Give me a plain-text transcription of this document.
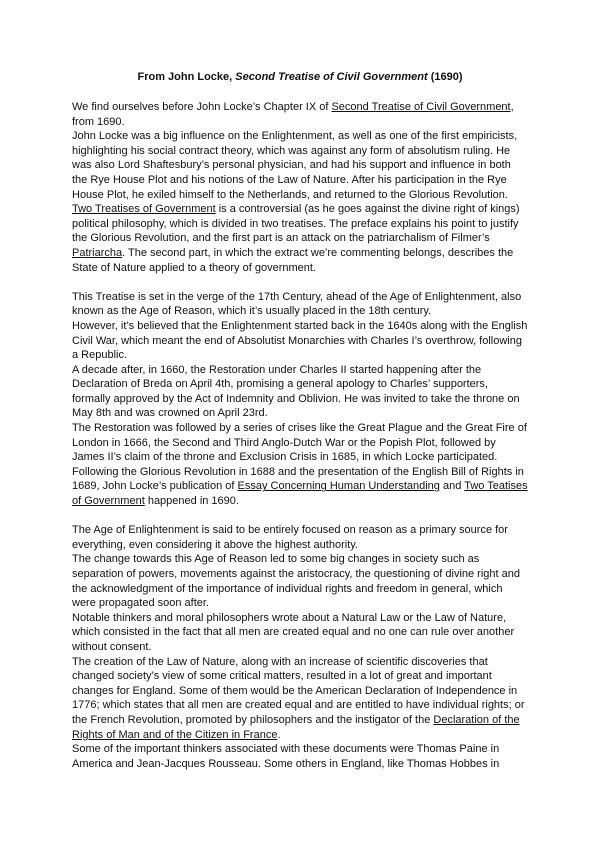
From John Locke, Second Treatise of Civil Government (1690)

We find ourselves before John Locke’s Chapter IX of Second Treatise of Civil Government, from 1690.

John Locke was a big influence on the Enlightenment, as well as one of the first empiricists, highlighting his social contract theory, which was against any form of absolutism ruling. He was also Lord Shaftesbury’s personal physician, and had his support and influence in both the Rye House Plot and his notions of the Law of Nature. After his participation in the Rye House Plot, he exiled himself to the Netherlands, and returned to the Glorious Revolution.

Two Treatises of Government is a controversial (as he goes against the divine right of kings) political philosophy, which is divided in two treatises. The preface explains his point to justify the Glorious Revolution, and the first part is an attack on the patriarchalism of Filmer’s Patriarcha. The second part, in which the extract we’re commenting belongs, describes the State of Nature applied to a theory of government.

This Treatise is set in the verge of the 17th Century, ahead of the Age of Enlightenment, also known as the Age of Reason, which it’s usually placed in the 18th century.

However, it’s believed that the Enlightenment started back in the 1640s along with the English Civil War, which meant the end of Absolutist Monarchies with Charles I’s overthrow, following a Republic.

A decade after, in 1660, the Restoration under Charles II started happening after the Declaration of Breda on April 4th, promising a general apology to Charles’ supporters, formally approved by the Act of Indemnity and Oblivion. He was invited to take the throne on May 8th and was crowned on April 23rd.

The Restoration was followed by a series of crises like the Great Plague and the Great Fire of London in 1666, the Second and Third Anglo-Dutch War or the Popish Plot, followed by James II’s claim of the throne and Exclusion Crisis in 1685, in which Locke participated.

Following the Glorious Revolution in 1688 and the presentation of the English Bill of Rights in 1689, John Locke’s publication of Essay Concerning Human Understanding and Two Teatises of Government happened in 1690.

The Age of Enlightenment is said to be entirely focused on reason as a primary source for everything, even considering it above the highest authority.

The change towards this Age of Reason led to some big changes in society such as separation of powers, movements against the aristocracy, the questioning of divine right and the acknowledgment of the importance of individual rights and freedom in general, which were propagated soon after.

Notable thinkers and moral philosophers wrote about a Natural Law or the Law of Nature, which consisted in the fact that all men are created equal and no one can rule over another without consent.

The creation of the Law of Nature, along with an increase of scientific discoveries that changed society’s view of some critical matters, resulted in a lot of great and important changes for England. Some of them would be the American Declaration of Independence in 1776; which states that all men are created equal and are entitled to have individual rights; or the French Revolution, promoted by philosophers and the instigator of the Declaration of the Rights of Man and of the Citizen in France.

Some of the important thinkers associated with these documents were Thomas Paine in America and Jean-Jacques Rousseau. Some others in England, like Thomas Hobbes in
